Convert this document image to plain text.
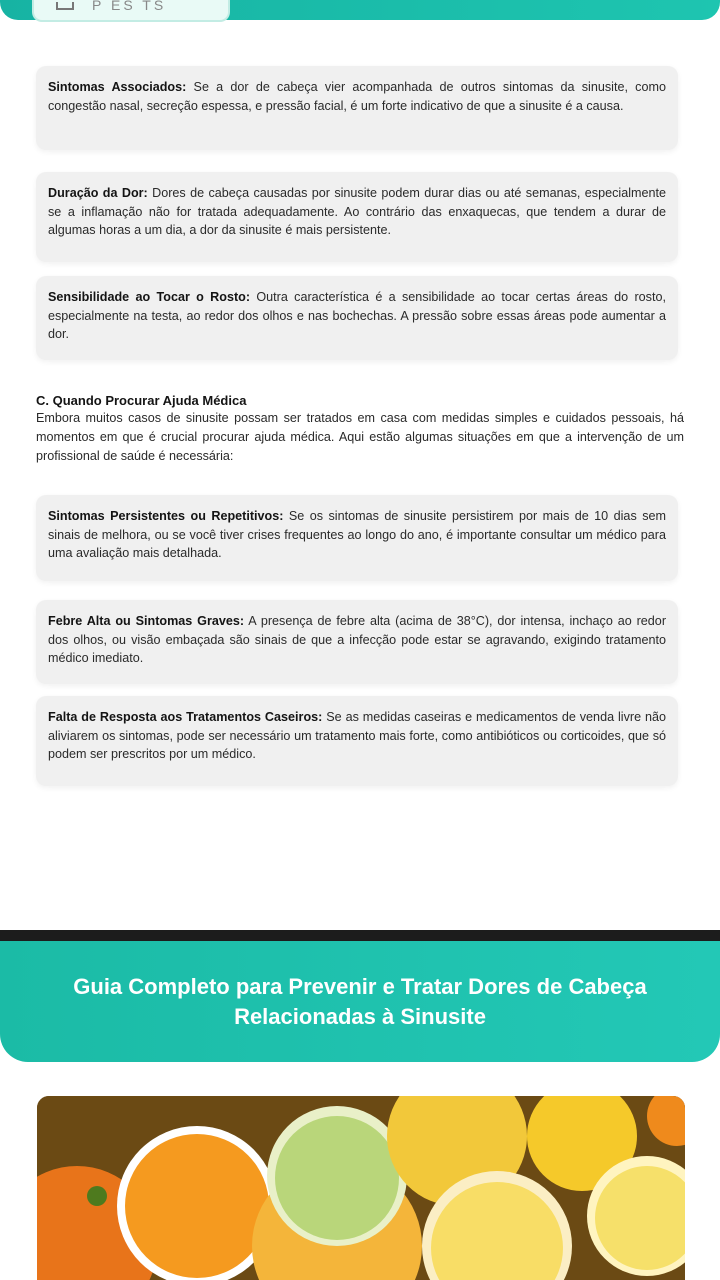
P ES TS
Sintomas Associados: Se a dor de cabeça vier acompanhada de outros sintomas da sinusite, como congestão nasal, secreção espessa, e pressão facial, é um forte indicativo de que a sinusite é a causa.
Duração da Dor: Dores de cabeça causadas por sinusite podem durar dias ou até semanas, especialmente se a inflamação não for tratada adequadamente. Ao contrário das enxaquecas, que tendem a durar de algumas horas a um dia, a dor da sinusite é mais persistente.
Sensibilidade ao Tocar o Rosto: Outra característica é a sensibilidade ao tocar certas áreas do rosto, especialmente na testa, ao redor dos olhos e nas bochechas. A pressão sobre essas áreas pode aumentar a dor.
C. Quando Procurar Ajuda Médica

Embora muitos casos de sinusite possam ser tratados em casa com medidas simples e cuidados pessoais, há momentos em que é crucial procurar ajuda médica. Aqui estão algumas situações em que a intervenção de um profissional de saúde é necessária:

Sintomas Persistentes ou Repetitivos: Se os sintomas de sinusite persistirem por mais de 10 dias sem sinais de melhora, ou se você tiver crises frequentes ao longo do ano, é importante consultar um médico para uma avaliação mais detalhada.
Febre Alta ou Sintomas Graves: A presença de febre alta (acima de 38°C), dor intensa, inchaço ao redor dos olhos, ou visão embaçada são sinais de que a infecção pode estar se agravando, exigindo tratamento médico imediato.
Falta de Resposta aos Tratamentos Caseiros: Se as medidas caseiras e medicamentos de venda livre não aliviarem os sintomas, pode ser necessário um tratamento mais forte, como antibióticos ou corticoides, que só podem ser prescritos por um médico.
Guia Completo para Prevenir e Tratar Dores de Cabeça Relacionadas à Sinusite
